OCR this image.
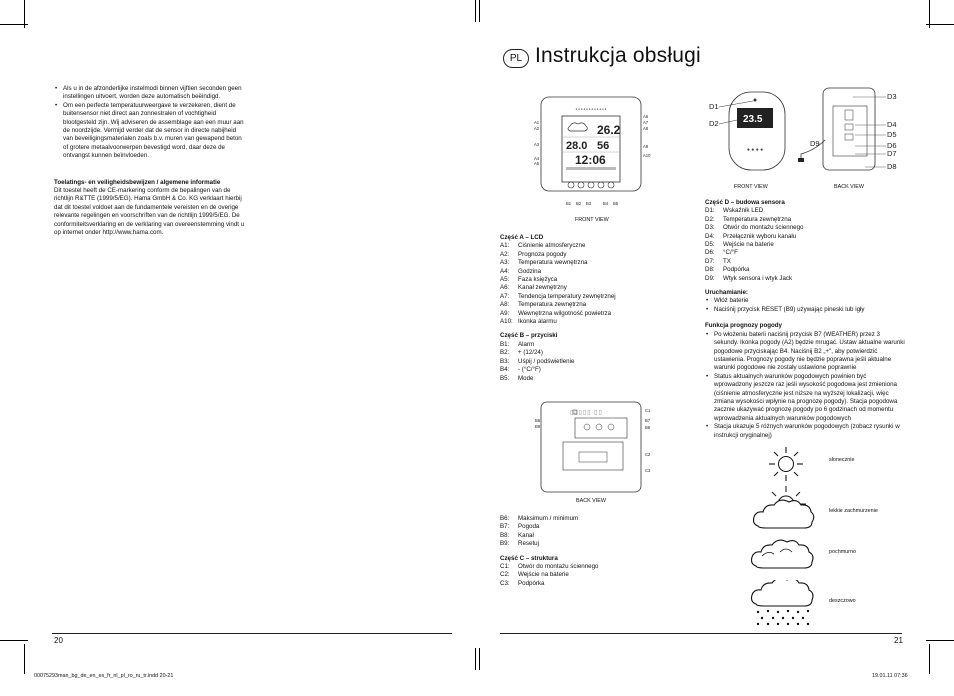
• Als u in de afzonderlijke instelmodi binnen vijftien seconden geen instellingen uitvoert, worden deze automatisch beëindigd.
• Om een perfecte temperatuurweergave te verzekeren, dient de buitensensor niet direct aan zonnestralen of vochtigheid blootgesteld zijn. Wij adviseren de assemblage aan een muur aan de noordzijde. Vermijd verder dat de sensor in directe nabijheid van beveiligingsmaterialen zoals b.v. muren van gewapend beton of grotere metaalvoorwerpen bevestigd word, daar deze de ontvangst kunnen beïnvloeden.
Toelatings- en veiligheidsbewijzen / algemene informatie
Dit toestel heeft de CE-markering conform de bepalingen van de richtlijn R&TTE (1999/5/EG). Hama GmbH & Co. KG verklaart hierbij dat dit toestel voldoet aan de fundamentele vereisten en de overige relevante regelingen en voorschriften van de richtlijn 1999/5/EG. De conformiteitsverklaring en de verklaring van overeenstemming vindt u op internet onder http://www.hama.com.
20
PL Instrukcja obsługi
● ● ● ● ● ● ● ● ● ● ● ●
26.2
28.0 56
12:06
A1
A2
A3
A4
A5
A6
A7
A8
A9
A10
B1 B2 B3	B4 B5
FRONT VIEW
Część A – LCD
A1:	Ciśnienie atmosferyczne
A2:	Prognoza pogody
A3:	Temperatura wewnętrzna
A4:	Godzina
A5:	Faza księżyca
A6:	Kanał zewnętrzny
A7:	Tendencja temperatury zewnętrznej
A8:	Temperatura zewnętrzna
A9:	Wewnętrzna wilgotność powietrza
A10: Ikonka alarmu
Część B – przyciski
B1:	Alarm
B2:	+ (12/24)
B3:	Uśpij / podświetlenie
B4:	- (°C/°F)
B5:	Mode
▯▯▯▯▯ ▯▯
B6
B9
C1
B7
B8
C2
C3
BACK VIEW
B6:	Maksimum / minimum
B7:	Pogoda
B8:	Kanał
B9:	Resetuj
Część C – struktura
C1:	Otwór do montażu ściennego
C2:	Wejście na baterie
C3:	Podpórka
23.5
● ● ● ●
D1
D2
D9
D3
D4
D5
D6
D7
D8
FRONT VIEW	BACK VIEW
Część D – budowa sensora
D1:	Wskaźnik LED
D2:	Temperatura zewnętrzna
D3:	Otwór do montażu ściennego
D4:	Przełącznik wyboru kanału
D5:	Wejście na baterie
D6:	°C/°F
D7:	TX
D8:	Podpórka
D9:	Wtyk sensora i wtyk Jack
Uruchamianie:
• Włóż baterie
• Naciśnij przycisk RESET (B9) używając pineski lub igły
Funkcja prognozy pogody
• Po włożeniu baterii naciśnij przycisk B7 (WEATHER) przez 3 sekundy. Ikonka pogody (A2) będzie mrugać. Ustaw aktualne warunki pogodowe przyciskając B4. Naciśnij B2 „+", aby potwierdzić ustawienia. Prognozy pogody nie będzie poprawna jeśli aktualne warunki pogodowe nie zostały ustawione poprawnie
• Status aktualnych warunków pogodowych powinien być wprowadzony jeszcze raz jeśli wysokość pogodowa jest zmieniona (ciśnienie atmosferyczne jest niższe na wyższej lokalizacji, więc zmiana wysokości wpłynie na prognozę pogody). Stacja pogodowa zacznie ukazywać prognozę pogody po 6 godzinach od momentu wprowadzenia aktualnych warunków pogodowych
• Stacja ukazuje 5 różnych warunków pogodowych (zobacz rysunki w instrukcji oryginalnej)
słonecznie
lekkie zachmurzenie
pochmurno
deszczowo
21
00075293man_bg_de_en_es_fr_nl_pl_ro_ru_tr.indd 20-21	19.01.11 07:36
